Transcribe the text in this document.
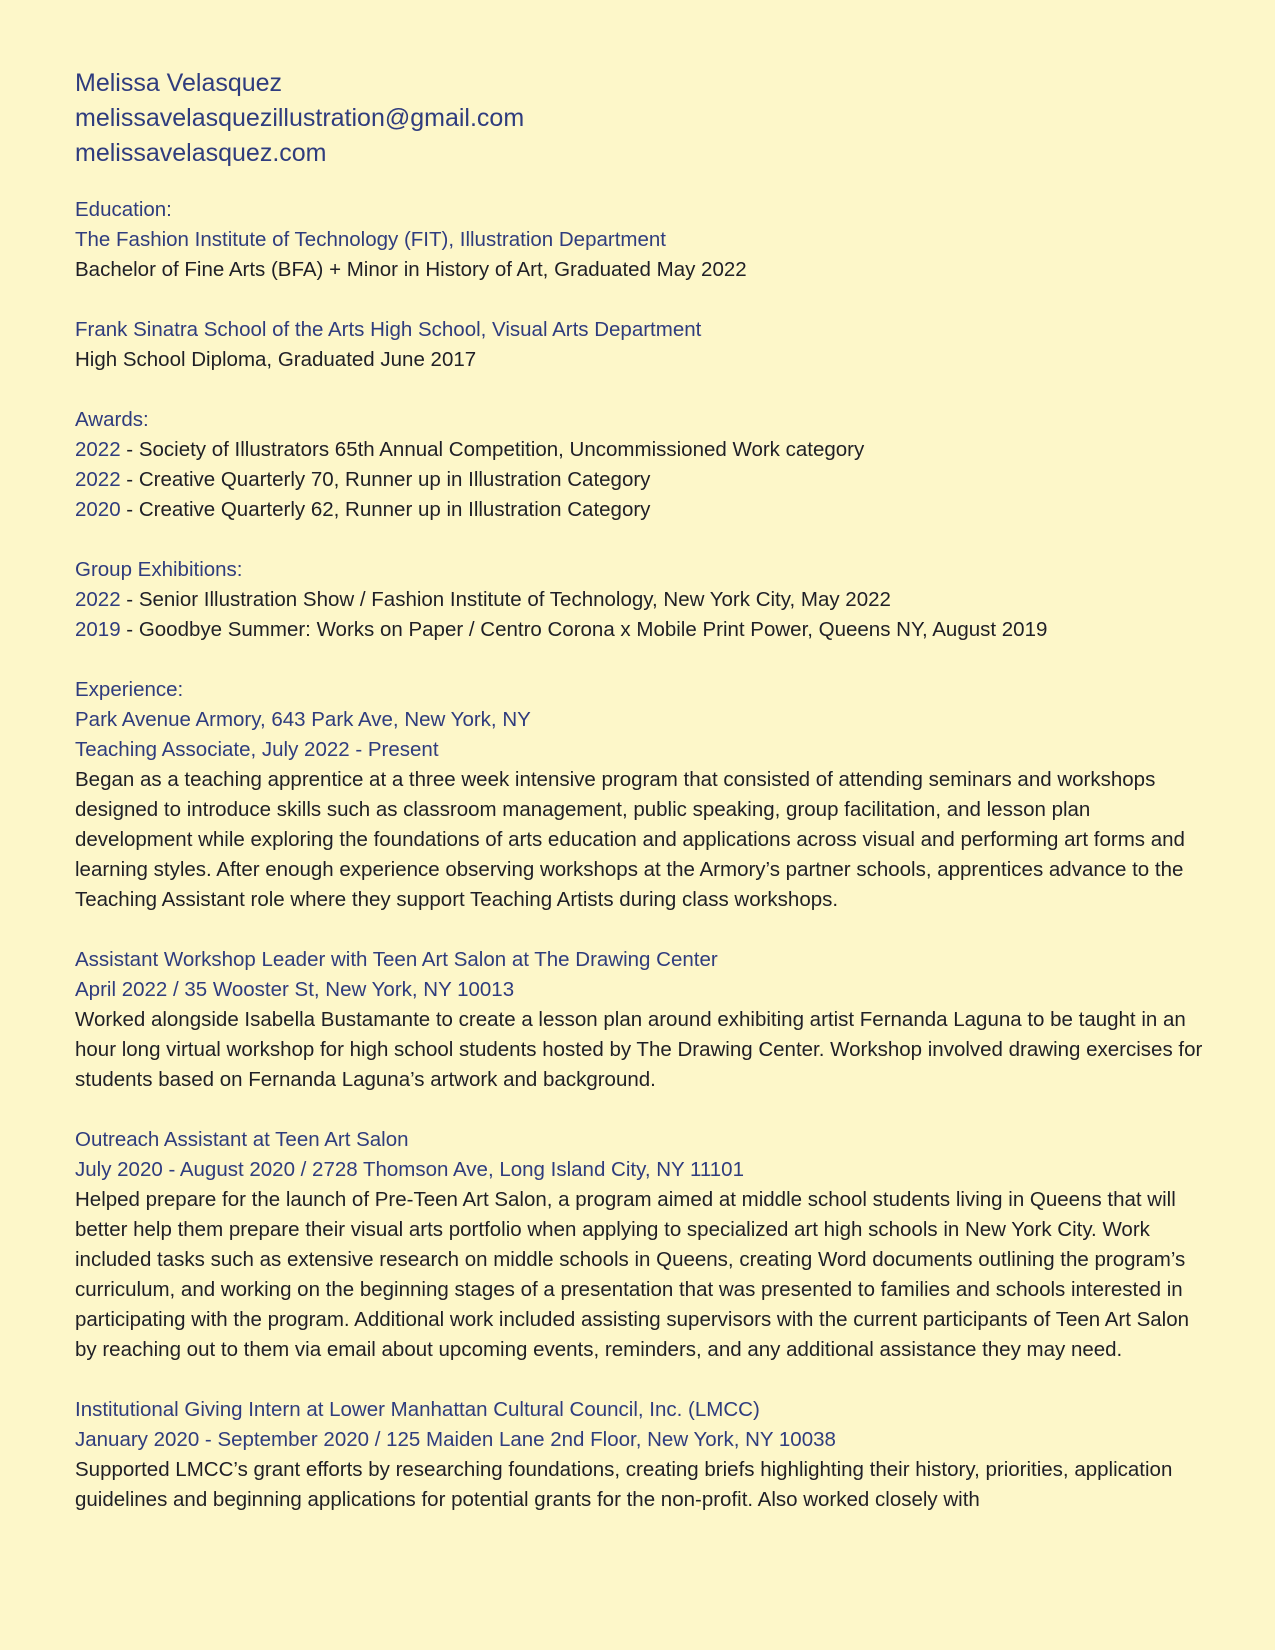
Melissa Velasquez

melissavelasquezillustration@gmail.com

melissavelasquez.com

Education:

The Fashion Institute of Technology (FIT), Illustration Department

Bachelor of Fine Arts (BFA) + Minor in History of Art, Graduated May 2022

Frank Sinatra School of the Arts High School, Visual Arts Department

High School Diploma, Graduated June 2017

Awards:

2022 - Society of Illustrators 65th Annual Competition, Uncommissioned Work category

2022 - Creative Quarterly 70, Runner up in Illustration Category

2020 - Creative Quarterly 62, Runner up in Illustration Category

Group Exhibitions:

2022 - Senior Illustration Show / Fashion Institute of Technology, New York City, May 2022

2019 - Goodbye Summer: Works on Paper / Centro Corona x Mobile Print Power, Queens NY, August 2019

Experience:

Park Avenue Armory, 643 Park Ave, New York, NY

Teaching Associate, July 2022 - Present

Began as a teaching apprentice at a three week intensive program that consisted of attending seminars and workshops designed to introduce skills such as classroom management, public speaking, group facilitation, and lesson plan development while exploring the foundations of arts education and applications across visual and performing art forms and learning styles. After enough experience observing workshops at the Armory’s partner schools, apprentices advance to the Teaching Assistant role where they support Teaching Artists during class workshops.

Assistant Workshop Leader with Teen Art Salon at The Drawing Center

April 2022 / 35 Wooster St, New York, NY 10013

Worked alongside Isabella Bustamante to create a lesson plan around exhibiting artist Fernanda Laguna to be taught in an hour long virtual workshop for high school students hosted by The Drawing Center. Workshop involved drawing exercises for students based on Fernanda Laguna’s artwork and background.

Outreach Assistant at Teen Art Salon

July 2020 - August 2020 / 2728 Thomson Ave, Long Island City, NY 11101

Helped prepare for the launch of Pre-Teen Art Salon, a program aimed at middle school students living in Queens that will better help them prepare their visual arts portfolio when applying to specialized art high schools in New York City. Work included tasks such as extensive research on middle schools in Queens, creating Word documents outlining the program’s curriculum, and working on the beginning stages of a presentation that was presented to families and schools interested in participating with the program. Additional work included assisting supervisors with the current participants of Teen Art Salon by reaching out to them via email about upcoming events, reminders, and any additional assistance they may need.

Institutional Giving Intern at Lower Manhattan Cultural Council, Inc. (LMCC)

January 2020 - September 2020 / 125 Maiden Lane 2nd Floor, New York, NY 10038

Supported LMCC’s grant efforts by researching foundations, creating briefs highlighting their history, priorities, application guidelines and beginning applications for potential grants for the non-profit. Also worked closely with
